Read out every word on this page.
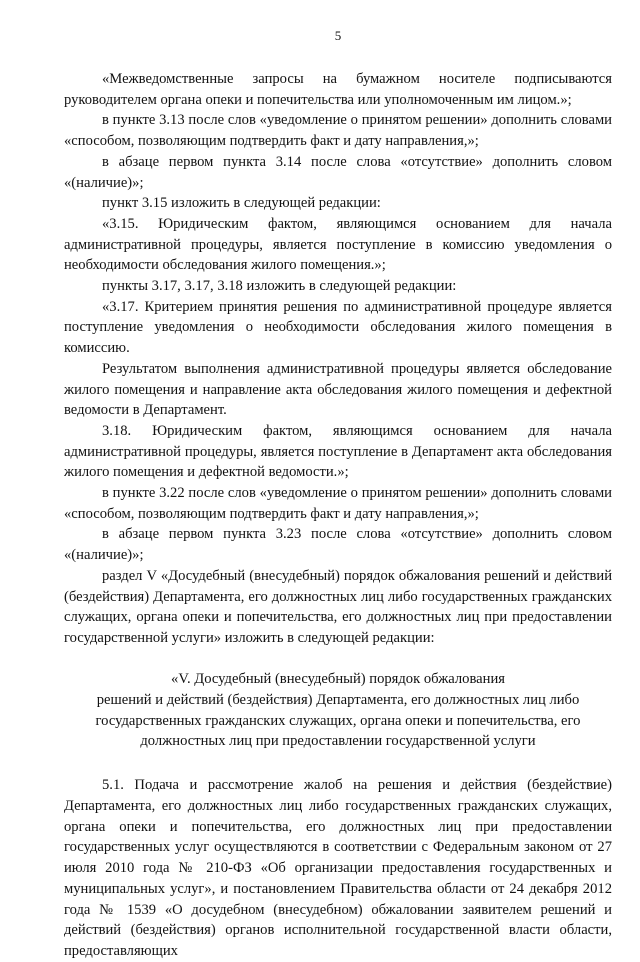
5

«Межведомственные запросы на бумажном носителе подписываются руководителем органа опеки и попечительства или уполномоченным им лицом.»;

в пункте 3.13 после слов «уведомление о принятом решении» дополнить словами «способом, позволяющим подтвердить факт и дату направления,»;

в абзаце первом пункта 3.14 после слова «отсутствие» дополнить словом «(наличие)»;

пункт 3.15 изложить в следующей редакции:

«3.15. Юридическим фактом, являющимся основанием для начала административной процедуры, является поступление в комиссию уведомления о необходимости обследования жилого помещения.»;

пункты 3.17, 3.17, 3.18 изложить в следующей редакции:

«3.17. Критерием принятия решения по административной процедуре является поступление уведомления о необходимости обследования жилого помещения в комиссию.

Результатом выполнения административной процедуры является обследование жилого помещения и направление акта обследования жилого помещения и дефектной ведомости в Департамент.

3.18. Юридическим фактом, являющимся основанием для начала административной процедуры, является поступление в Департамент акта обследования жилого помещения и дефектной ведомости.»;

в пункте 3.22 после слов «уведомление о принятом решении» дополнить словами «способом, позволяющим подтвердить факт и дату направления,»;

в абзаце первом пункта 3.23 после слова «отсутствие» дополнить словом «(наличие)»;

раздел V «Досудебный (внесудебный) порядок обжалования решений и действий (бездействия) Департамента, его должностных лиц либо государственных гражданских служащих, органа опеки и попечительства, его должностных лиц при предоставлении государственной услуги» изложить в следующей редакции:

«V. Досудебный (внесудебный) порядок обжалования

решений и действий (бездействия) Департамента, его должностных лиц либо

государственных гражданских служащих, органа опеки и попечительства, его

должностных лиц при предоставлении государственной услуги

5.1. Подача и рассмотрение жалоб на решения и действия (бездействие) Департамента, его должностных лиц либо государственных гражданских служащих, органа опеки и попечительства, его должностных лиц при предоставлении государственных услуг осуществляются в соответствии с Федеральным законом от 27 июля 2010 года № 210-ФЗ «Об организации предоставления государственных и муниципальных услуг», и постановлением Правительства области от 24 декабря 2012 года № 1539 «О досудебном (внесудебном) обжаловании заявителем решений и действий (бездействия) органов исполнительной государственной власти области, предоставляющих
